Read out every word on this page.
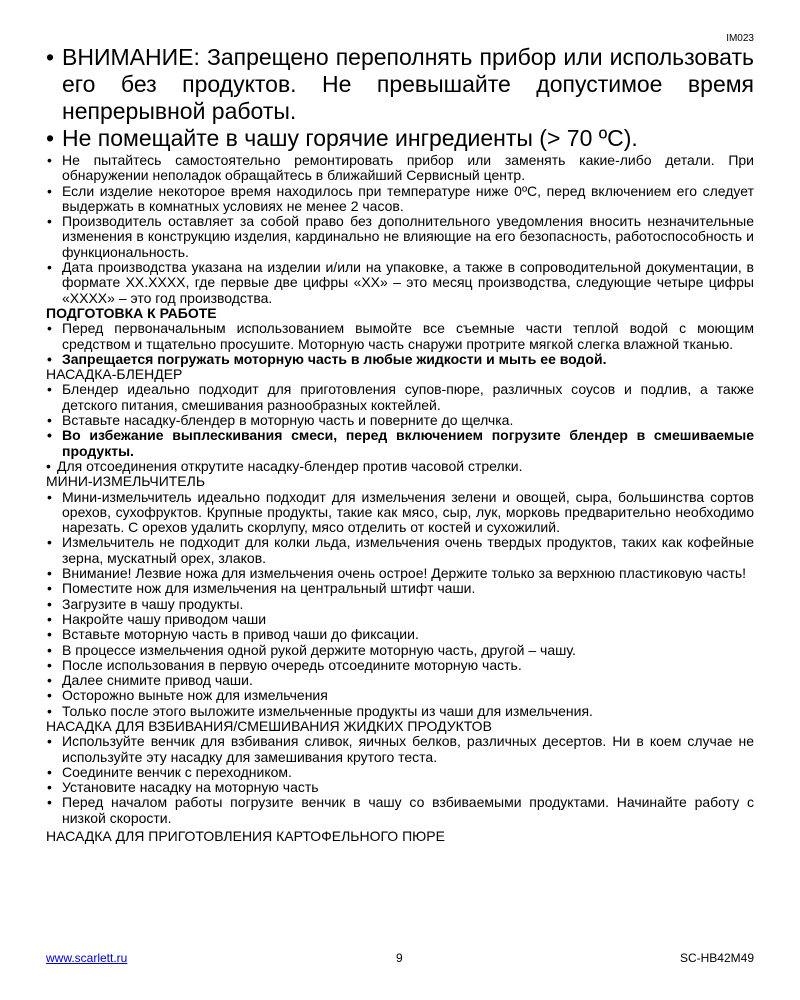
IM023
• ВНИМАНИЕ: Запрещено переполнять прибор или использовать его без продуктов. Не превышайте допустимое время непрерывной работы.
• Не помещайте в чашу горячие ингредиенты (> 70 ºС).
• Не пытайтесь самостоятельно ремонтировать прибор или заменять какие-либо детали. При обнаружении неполадок обращайтесь в ближайший Сервисный центр.
• Если изделие некоторое время находилось при температуре ниже 0ºС, перед включением его следует выдержать в комнатных условиях не менее 2 часов.
• Производитель оставляет за собой право без дополнительного уведомления вносить незначительные изменения в конструкцию изделия, кардинально не влияющие на его безопасность, работоспособность и функциональность.
• Дата производства указана на изделии и/или на упаковке, а также в сопроводительной документации, в формате XX.XXXX, где первые две цифры «XX» – это месяц производства, следующие четыре цифры «XXXX» – это год производства.
ПОДГОТОВКА К РАБОТЕ
• Перед первоначальным использованием вымойте все съемные части теплой водой с моющим средством и тщательно просушите. Моторную часть снаружи протрите мягкой слегка влажной тканью.
• Запрещается погружать моторную часть в любые жидкости и мыть ее водой.
НАСАДКА-БЛЕНДЕР
• Блендер идеально подходит для приготовления супов-пюре, различных соусов и подлив, а также детского питания, смешивания разнообразных коктейлей.
• Вставьте насадку-блендер в моторную часть и поверните до щелчка.
• Во избежание выплескивания смеси, перед включением погрузите блендер в смешиваемые продукты.
• Для отсоединения открутите насадку-блендер против часовой стрелки.
МИНИ-ИЗМЕЛЬЧИТЕЛЬ
• Мини-измельчитель идеально подходит для измельчения зелени и овощей, сыра, большинства сортов орехов, сухофруктов. Крупные продукты, такие как мясо, сыр, лук, морковь предварительно необходимо нарезать. С орехов удалить скорлупу, мясо отделить от костей и сухожилий.
• Измельчитель не подходит для колки льда, измельчения очень твердых продуктов, таких как кофейные зерна, мускатный орех, злаков.
• Внимание! Лезвие ножа для измельчения очень острое! Держите только за верхнюю пластиковую часть!
• Поместите нож для измельчения на центральный штифт чаши.
• Загрузите в чашу продукты.
• Накройте чашу приводом чаши
• Вставьте моторную часть в привод чаши до фиксации.
• В процессе измельчения одной рукой держите моторную часть, другой – чашу.
• После использования в первую очередь отсоедините моторную часть.
• Далее снимите привод чаши.
• Осторожно выньте нож для измельчения
• Только после этого выложите измельченные продукты из чаши для измельчения.
НАСАДКА ДЛЯ ВЗБИВАНИЯ/СМЕШИВАНИЯ ЖИДКИХ ПРОДУКТОВ
• Используйте венчик для взбивания сливок, яичных белков, различных десертов. Ни в коем случае не используйте эту насадку для замешивания крутого теста.
• Соедините венчик с переходником.
• Установите насадку на моторную часть
• Перед началом работы погрузите венчик в чашу со взбиваемыми продуктами. Начинайте работу с низкой скорости.
НАСАДКА ДЛЯ ПРИГОТОВЛЕНИЯ КАРТОФЕЛЬНОГО ПЮРЕ
www.scarlett.ru	9	SC-HB42M49
